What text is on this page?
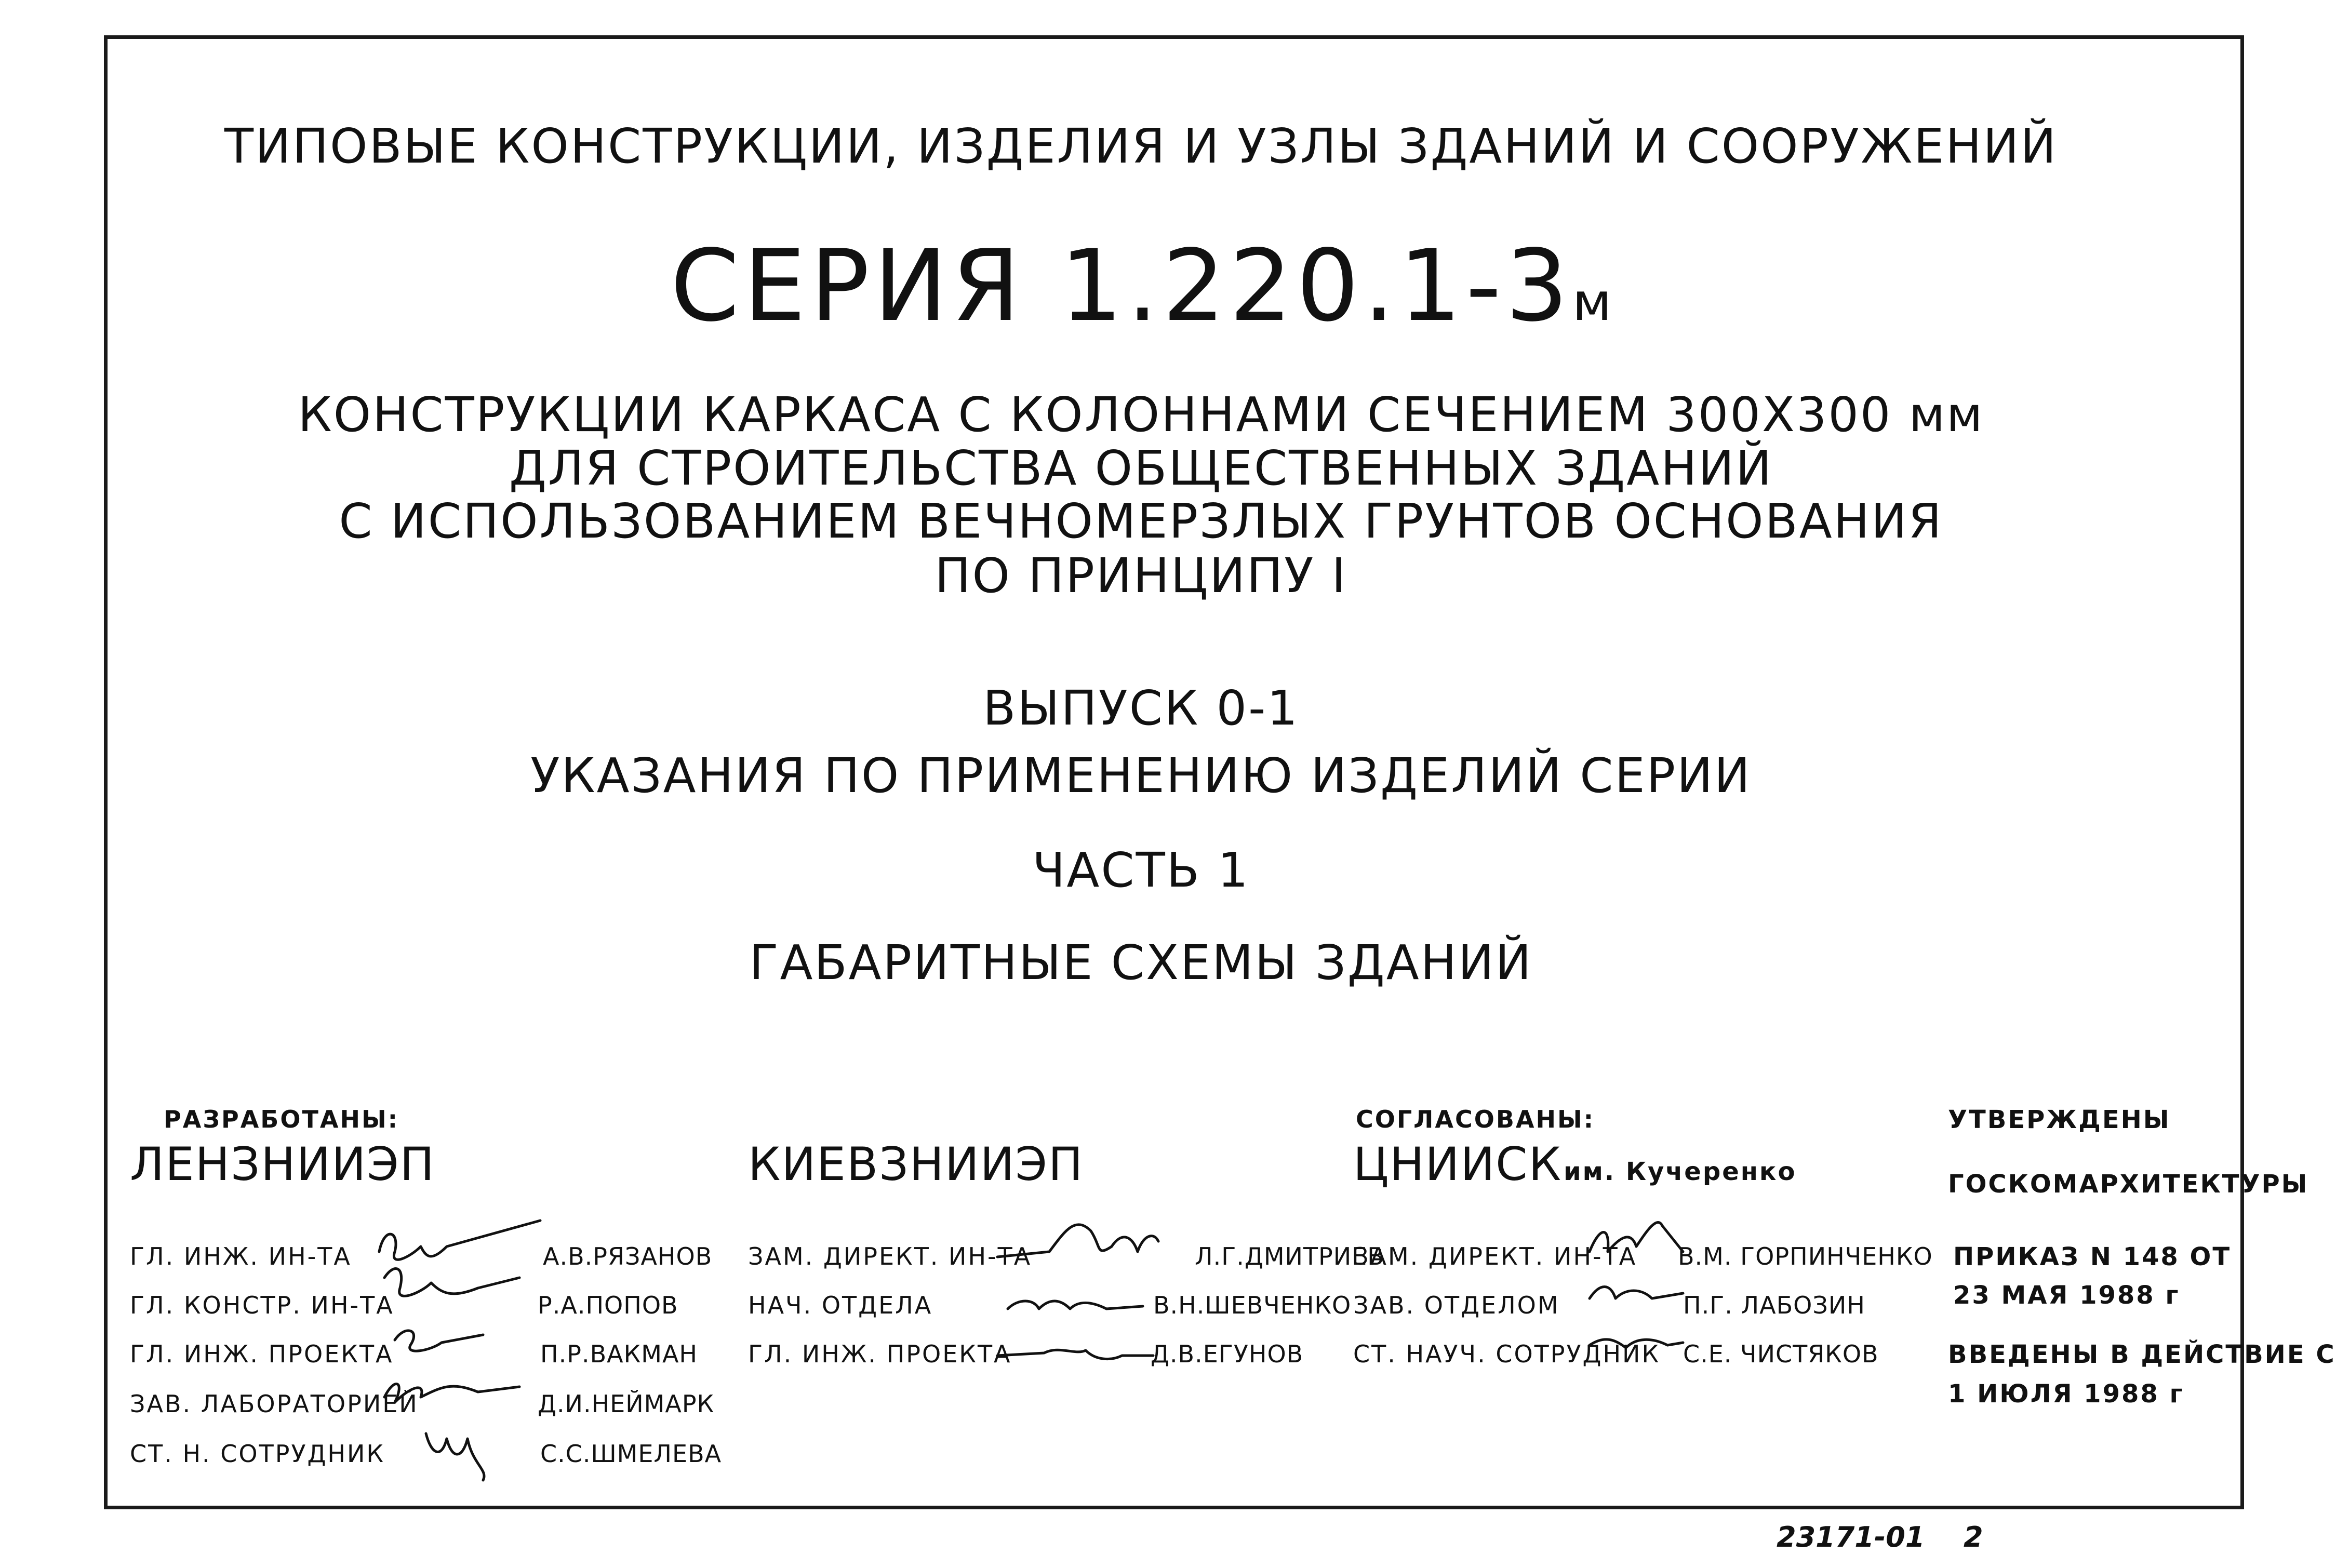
ТИПОВЫЕ КОНСТРУКЦИИ, ИЗДЕЛИЯ И УЗЛЫ ЗДАНИЙ И СООРУЖЕНИЙ
СЕРИЯ 1.220.1-3м
КОНСТРУКЦИИ КАРКАСА С КОЛОННАМИ СЕЧЕНИЕМ 300Х300 мм
ДЛЯ СТРОИТЕЛЬСТВА ОБЩЕСТВЕННЫХ ЗДАНИЙ
С ИСПОЛЬЗОВАНИЕМ ВЕЧНОМЕРЗЛЫХ ГРУНТОВ ОСНОВАНИЯ
ПО ПРИНЦИПУ I
ВЫПУСК 0-1
УКАЗАНИЯ ПО ПРИМЕНЕНИЮ ИЗДЕЛИЙ СЕРИИ
ЧАСТЬ 1
ГАБАРИТНЫЕ СХЕМЫ ЗДАНИЙ
РАЗРАБОТАНЫ:
ЛЕНЗНИИЭП
ГЛ. ИНЖ. ИН-ТА	А.В.РЯЗАНОВ
ГЛ. КОНСТР. ИН-ТА	Р.А.ПОПОВ
ГЛ. ИНЖ. ПРОЕКТА	П.Р.ВАКМАН
ЗАВ. ЛАБОРАТОРИЕЙ	Д.И.НЕЙМАРК
СТ. Н. СОТРУДНИК	С.С.ШМЕЛЕВА
КИЕВЗНИИЭП
ЗАМ. ДИРЕКТ. ИН-ТА	Л.Г.ДМИТРИЕВ
НАЧ. ОТДЕЛА	В.Н.ШЕВЧЕНКО
ГЛ. ИНЖ. ПРОЕКТА	Д.В.ЕГУНОВ
СОГЛАСОВАНЫ:
ЦНИИСК им. Кучеренко
ЗАМ. ДИРЕКТ. ИН-ТА В.М. ГОРПИНЧЕНКО
ЗАВ. ОТДЕЛОМ	П.Г. ЛАБОЗИН
СТ. НАУЧ. СОТРУДНИК С.Е. ЧИСТЯКОВ
УТВЕРЖДЕНЫ
ГОСКОМАРХИТЕКТУРЫ
ПРИКАЗ N 148 ОТ
23 МАЯ 1988 г
ВВЕДЕНЫ В ДЕЙСТВИЕ С
1 ИЮЛЯ 1988 г
23171-01 2
